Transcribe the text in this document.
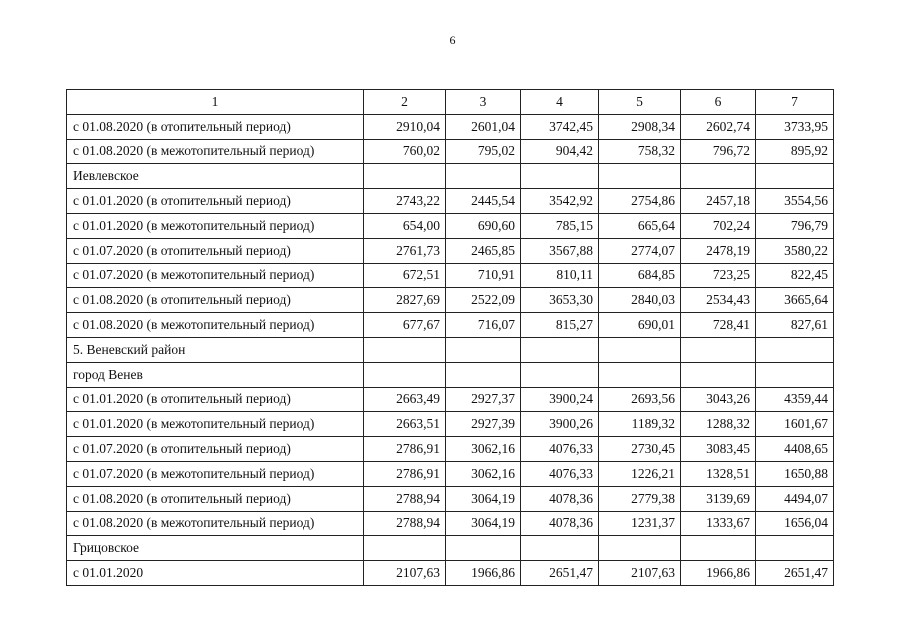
6
1	2	3	4	5	6	7
с 01.08.2020 (в отопительный период)	2910,04	2601,04	3742,45	2908,34	2602,74	3733,95
с 01.08.2020 (в межотопительный период)	760,02	795,02	904,42	758,32	796,72	895,92
Иевлевское						
с 01.01.2020 (в отопительный период)	2743,22	2445,54	3542,92	2754,86	2457,18	3554,56
с 01.01.2020 (в межотопительный период)	654,00	690,60	785,15	665,64	702,24	796,79
с 01.07.2020 (в отопительный период)	2761,73	2465,85	3567,88	2774,07	2478,19	3580,22
с 01.07.2020 (в межотопительный период)	672,51	710,91	810,11	684,85	723,25	822,45
с 01.08.2020 (в отопительный период)	2827,69	2522,09	3653,30	2840,03	2534,43	3665,64
с 01.08.2020 (в межотопительный период)	677,67	716,07	815,27	690,01	728,41	827,61
5. Веневский район						
город Венев						
с 01.01.2020 (в отопительный период)	2663,49	2927,37	3900,24	2693,56	3043,26	4359,44
с 01.01.2020 (в межотопительный период)	2663,51	2927,39	3900,26	1189,32	1288,32	1601,67
с 01.07.2020 (в отопительный период)	2786,91	3062,16	4076,33	2730,45	3083,45	4408,65
с 01.07.2020 (в межотопительный период)	2786,91	3062,16	4076,33	1226,21	1328,51	1650,88
с 01.08.2020 (в отопительный период)	2788,94	3064,19	4078,36	2779,38	3139,69	4494,07
с 01.08.2020 (в межотопительный период)	2788,94	3064,19	4078,36	1231,37	1333,67	1656,04
Грицовское						
с 01.01.2020	2107,63	1966,86	2651,47	2107,63	1966,86	2651,47
